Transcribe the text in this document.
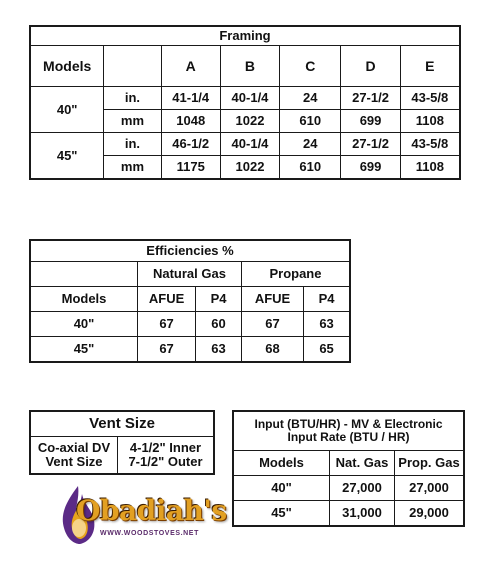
Framing						
Models		A	B	C	D	E
40"	in.	41-1/4	40-1/4	24	27-1/2	43-5/8
	mm	1048	1022	610	699	1108
45"	in.	46-1/2	40-1/4	24	27-1/2	43-5/8
	mm	1175	1022	610	699	1108
Efficiencies %				
	Natural Gas		Propane	
Models	AFUE	P4	AFUE	P4
40"	67	60	67	63
45"	67	63	68	65
Vent Size

Co-axial DV
Vent Size

4-1/2" Inner
7-1/2" Outer
Input (BTU/HR) - MV & Electronic
Input Rate (BTU / HR)		

Models	Nat. Gas	Prop. Gas
40"	27,000	27,000
45"	31,000	29,000
Obadiah's
WWW.WOODSTOVES.NET
